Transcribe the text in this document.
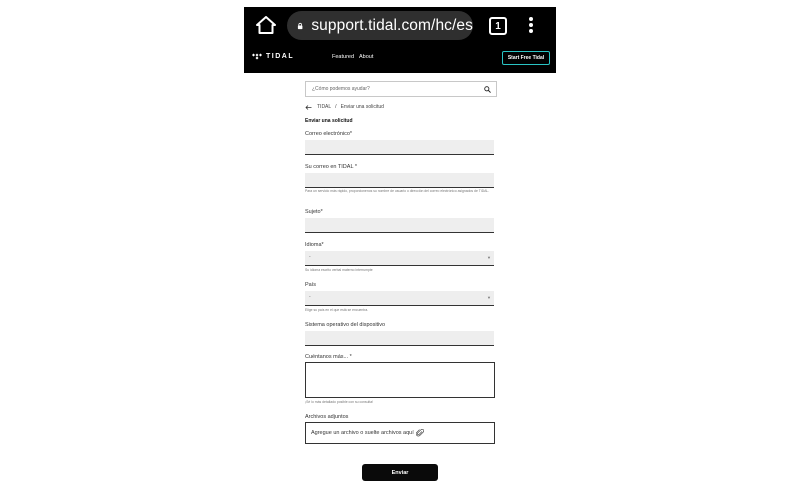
support.tidal.com/hc/es	1
TIDAL	Featured About	Start Free Tidal
¿Cómo podemos ayudar?
TIDAL / Enviar una solicitud
Enviar una solicitud
Correo electrónico*
Su correo en TIDAL *
Para un servicio más rápido, proporcionenos su nombre de usuario o dirección del correo electrónico asignados de TIDAL.
Sujeto*
Idioma*
-	▼
Su idioma escrito verbal materno interrumpte
País
-	▼
Elige su país en el que está se encuentra.
Sistema operativo del dispositivo
Cuéntanos más... *
¡Sé lo más detallado posible con su consulta!
Archivos adjuntos
Agregue un archivo o suelte archivos aquí
Enviar
